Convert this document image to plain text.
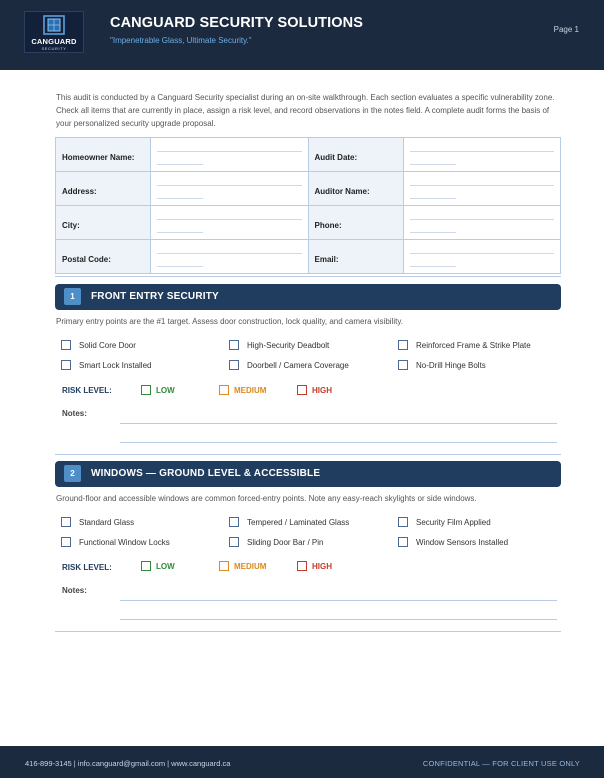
CANGUARD
SECURITY
CANGUARD SECURITY SOLUTIONS
"Impenetrable Glass, Ultimate Security."
Page 1
This audit is conducted by a Canguard Security specialist during an on-site walkthrough. Each section evaluates a specific vulnerability zone. Check all items that are currently in place, assign a risk level, and record observations in the notes field. A complete audit forms the basis of your personalized security upgrade proposal.
Homeowner Name:		Audit Date:	

Address:		Auditor Name:	

City:		Phone:	

Postal Code:		Email:	
1	FRONT ENTRY SECURITY
Primary entry points are the #1 target. Assess door construction, lock quality, and camera visibility.
Solid Core Door	High-Security Deadbolt	Reinforced Frame & Strike Plate
Smart Lock Installed	Doorbell / Camera Coverage	No-Drill Hinge Bolts
RISK LEVEL:	LOW	MEDIUM	HIGH
Notes:
2	WINDOWS — GROUND LEVEL & ACCESSIBLE
Ground-floor and accessible windows are common forced-entry points. Note any easy-reach skylights or side windows.
Standard Glass	Tempered / Laminated Glass	Security Film Applied
Functional Window Locks	Sliding Door Bar / Pin	Window Sensors Installed
RISK LEVEL:	LOW	MEDIUM	HIGH
Notes:
416-899-3145 | info.canguard@gmail.com | www.canguard.ca	CONFIDENTIAL — FOR CLIENT USE ONLY
